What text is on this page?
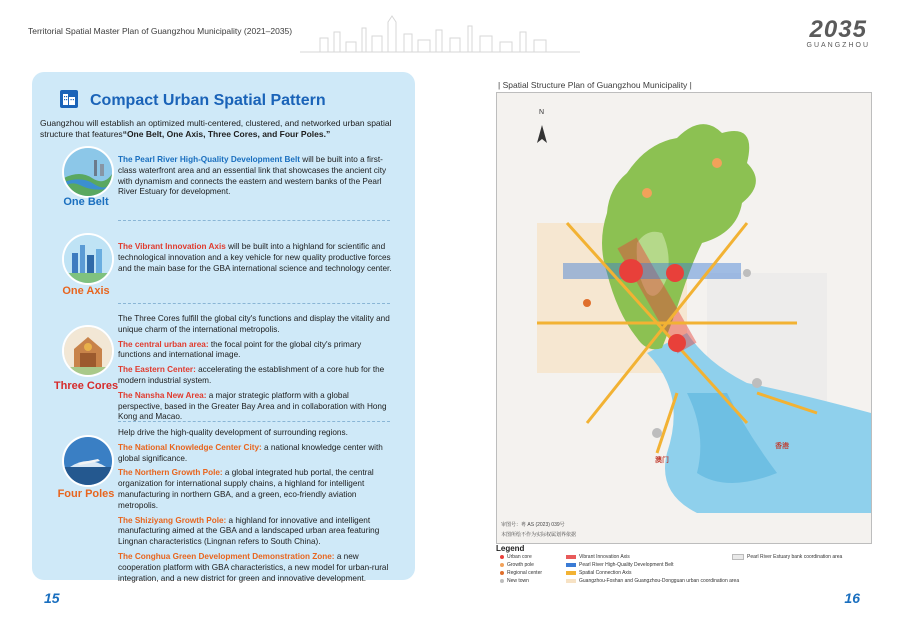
Territorial Spatial Master Plan of Guangzhou Municipality (2021–2035)	2035
GUANGZHOU
Compact Urban Spatial Pattern
Guangzhou will establish an optimized multi-centered, clustered, and networked urban spatial structure that features“One Belt, One Axis, Three Cores, and Four Poles.”
One Belt

The Pearl River High-Quality Development Belt will be built into a first-class waterfront area and an essential link that showcases the ancient city with dynamism and connects the eastern and western banks of the Pearl River Estuary for development.

One Axis

The Vibrant Innovation Axis will be built into a highland for scientific and technological innovation and a key vehicle for new quality productive forces and the main base for the GBA international science and technology center.

Three Cores

The Three Cores fulfill the global city's functions and display the vitality and unique charm of the international metropolis.

The central urban area: the focal point for the global city's primary functions and international image.

The Eastern Center: accelerating the establishment of a core hub for the modern industrial system.

The Nansha New Area: a major strategic platform with a global perspective, based in the Greater Bay Area and in collaboration with Hong Kong and Macao.

Four Poles

Help drive the high-quality development of surrounding regions.

The National Knowledge Center City: a national knowledge center with global significance.

The Northern Growth Pole: a global integrated hub portal, the central organization for international supply chains, a highland for intelligent manufacturing in northern GBA, and a green, eco-friendly aviation metropolis.

The Shiziyang Growth Pole: a highland for innovative and intelligent manufacturing aimed at the GBA and a landscaped urban area featuring Lingnan characteristics (Lingnan refers to South China).

The Conghua Green Development Demonstration Zone: a new cooperation platform with GBA characteristics, a new model for urban-rural integration, and a new district for green and innovative development.

15
| Spatial Structure Plan of Guangzhou Municipality |
N
澳门
香港
审图号：粤 AS (2023) 039号
本图所绘不作为实际权属划界依据
Legend
Urban core
Growth pole
Regional center
New town
Vibrant Innovation Axis
Pearl River High-Quality Development Belt
Spatial Connection Axis
Guangzhou-Foshan and Guangzhou-Dongguan urban coordination area
Pearl River Estuary bank coordination area
16
